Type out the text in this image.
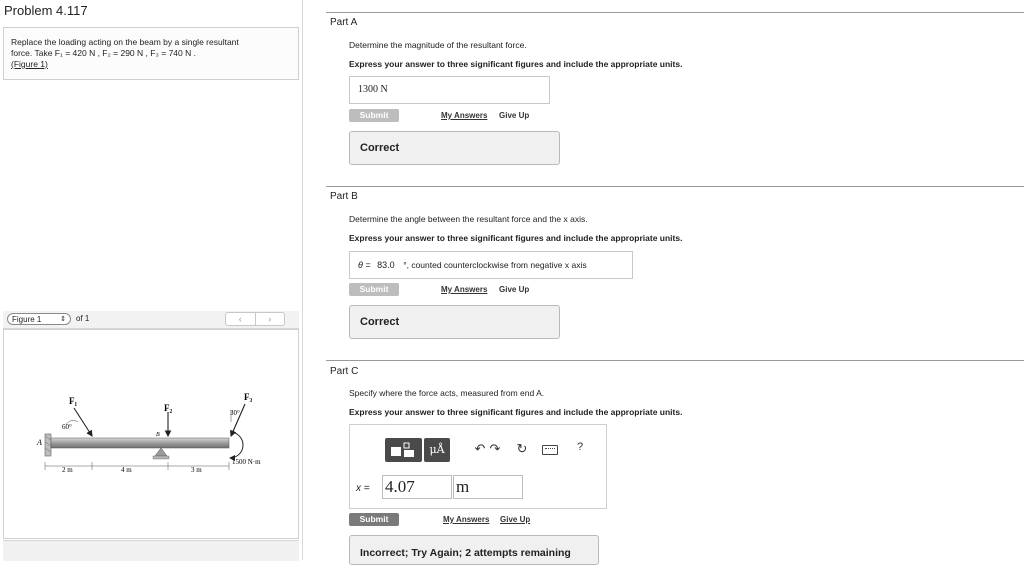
Problem 4.117
Replace the loading acting on the beam by a single resultant
force. Take F₁ = 420 N , F₂ = 290 N , F₃ = 740 N .
(Figure 1)
Figure 1	⇕ of 1	‹	›
F₁
F₂
F₃
60°
30°
A
B
2 m	4 m	3 m
1500 N·m
Part A
Determine the magnitude of the resultant force.
Express your answer to three significant figures and include the appropriate units.
1300 N
Submit	My Answers Give Up
Correct
Part B
Determine the angle between the resultant force and the x axis.
Express your answer to three significant figures and include the appropriate units.
θ = 83.0 °, counted counterclockwise from negative x axis
Submit	My Answers Give Up
Correct
Part C
Specify where the force acts, measured from end A.
Express your answer to three significant figures and include the appropriate units.
μÅ	↶ ↷ ↻	?
x = 4.07	m
Submit	My Answers Give Up
Incorrect; Try Again; 2 attempts remaining
